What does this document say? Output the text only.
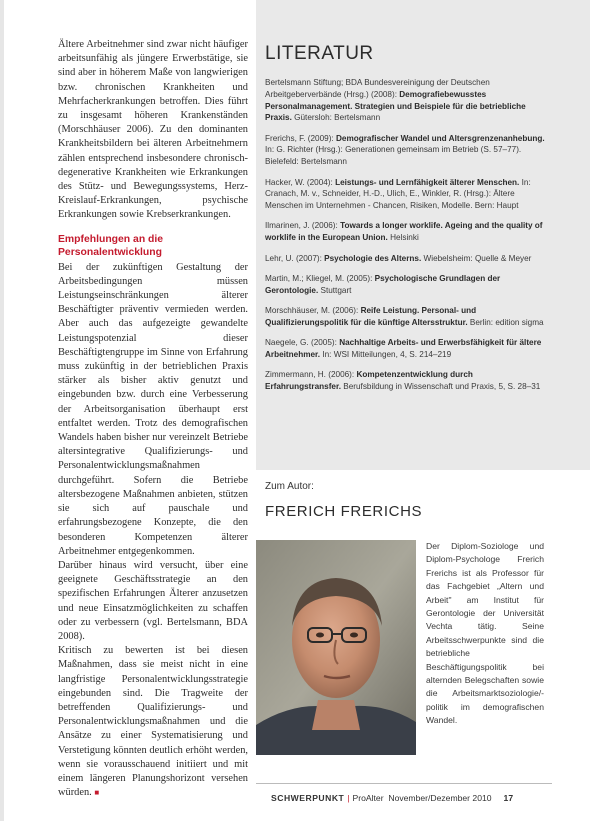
Ältere Arbeitnehmer sind zwar nicht häufiger arbeitsunfähig als jüngere Erwerbstätige, sie sind aber in höherem Maße von langwierigen bzw. chronischen Krankheiten und Mehrfacherkrankungen betroffen. Dies führt zu insgesamt höheren Krankenständen (Morschhäuser 2006). Zu den dominanten Krankheitsbildern bei älteren Arbeitnehmern zählen entsprechend insbesondere chronisch-degenerative Krankheiten wie Erkrankungen des Stütz- und Bewegungssystems, Herz-Kreislauf-Erkrankungen, psychische Erkrankungen sowie Krebserkrankungen.

Empfehlungen an die Personalentwicklung

Bei der zukünftigen Gestaltung der Arbeitsbedingungen müssen Leistungseinschränkungen älterer Beschäftigter präventiv vermieden werden. Aber auch das aufgezeigte gewandelte Leistungspotenzial dieser Beschäftigtengruppe im Sinne von Erfahrung muss zukünftig in der betrieblichen Praxis stärker als bisher aktiv genutzt und eingebunden bzw. durch eine Verbesserung der Arbeitsorganisation überhaupt erst entfaltet werden. Trotz des demografischen Wandels haben bisher nur vereinzelt Betriebe altersintegrative Qualifizierungs- und Personalentwicklungsmaßnahmen durchgeführt. Sofern die Betriebe altersbezogene Maßnahmen anbieten, stützen sie sich auf pauschale und erfahrungsbezogene Konzepte, die den besonderen Kompetenzen älterer Arbeitnehmer entgegenkommen.

Darüber hinaus wird versucht, über eine geeignete Geschäftsstrategie an den spezifischen Erfahrungen Älterer anzusetzen und neue Einsatzmöglichkeiten zu schaffen oder zu verbessern (vgl. Bertelsmann, BDA 2008).

Kritisch zu bewerten ist bei diesen Maßnahmen, dass sie meist nicht in eine langfristige Personalentwicklungsstrategie eingebunden sind. Die Tragweite der betreffenden Qualifizierungs- und Personalentwicklungsmaßnahmen und die Ansätze zu einer Systematisierung und Verstetigung könnten deutlich erhöht werden, wenn sie vorausschauend initiiert und mit einem längeren Planungshorizont versehen würden. ■

LITERATUR
Bertelsmann Stiftung; BDA Bundesvereinigung der Deutschen Arbeitgeberverbände (Hrsg.) (2008): Demografiebewusstes Personalmanagement. Strategien und Beispiele für die betriebliche Praxis. Gütersloh: Bertelsmann
Frerichs, F. (2009): Demografischer Wandel und Altersgrenzenanhebung. In: G. Richter (Hrsg.): Generationen gemeinsam im Betrieb (S. 57–77). Bielefeld: Bertelsmann
Hacker, W. (2004): Leistungs- und Lernfähigkeit älterer Menschen. In: Cranach, M. v., Schneider, H.-D., Ulich, E., Winkler, R. (Hrsg.): Ältere Menschen im Unternehmen - Chancen, Risiken, Modelle. Bern: Haupt
Ilmarinen, J. (2006): Towards a longer worklife. Ageing and the quality of worklife in the European Union. Helsinki
Lehr, U. (2007): Psychologie des Alterns. Wiebelsheim: Quelle & Meyer
Martin, M.; Kliegel, M. (2005): Psychologische Grundlagen der Gerontologie. Stuttgart
Morschhäuser, M. (2006): Reife Leistung. Personal- und Qualifizierungspolitik für die künftige Altersstruktur. Berlin: edition sigma
Naegele, G. (2005): Nachhaltige Arbeits- und Erwerbsfähigkeit für ältere Arbeitnehmer. In: WSI Mitteilungen, 4, S. 214–219
Zimmermann, H. (2006): Kompetenzentwicklung durch Erfahrungstransfer. Berufsbildung in Wissenschaft und Praxis, 5, S. 28–31

Zum Autor:

FRERICH FRERICHS

Der Diplom-Soziologe und Diplom-Psychologe Frerich Frerichs ist als Professor für das Fachgebiet „Altern und Arbeit" am Institut für Gerontologie der Universität Vechta tätig. Seine Arbeitsschwerpunkte sind die betriebliche Beschäftigungspolitik bei alternden Belegschaften sowie die Arbeitsmarktsoziologie/-politik im demografischen Wandel.

SCHWERPUNKT | ProAlter November/Dezember 2010 17
